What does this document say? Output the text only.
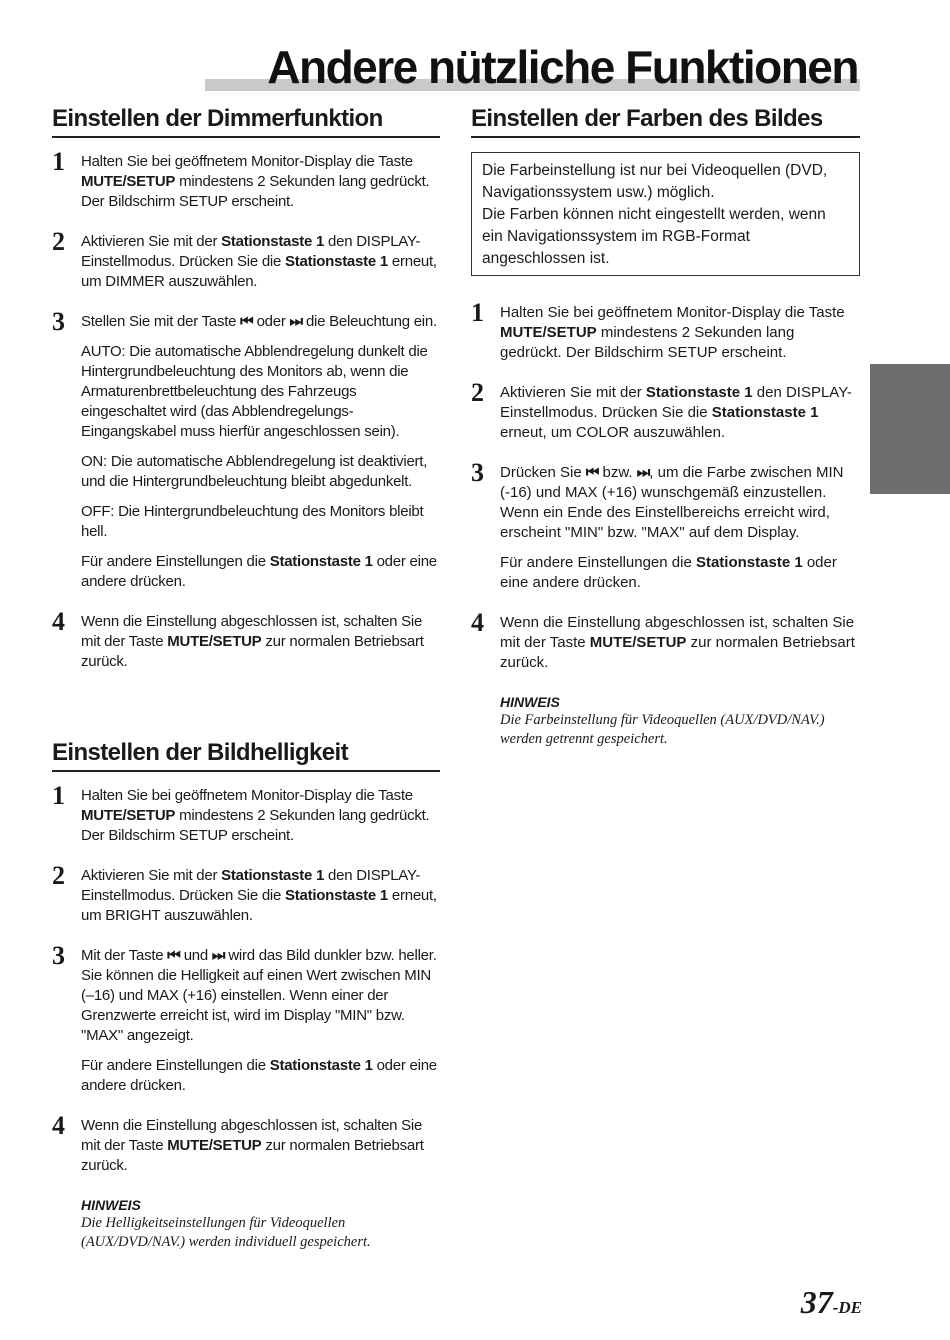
Andere nützliche Funktionen
Einstellen der Dimmerfunktion
1 Halten Sie bei geöffnetem Monitor-Display die Taste MUTE/SETUP mindestens 2 Sekunden lang gedrückt. Der Bildschirm SETUP erscheint.

2 Aktivieren Sie mit der Stationstaste 1 den DISPLAY-Einstellmodus. Drücken Sie die Stationstaste 1 erneut, um DIMMER auszuwählen.

3 Stellen Sie mit der Taste ⏮ oder ⏭ die Beleuchtung ein.

AUTO: Die automatische Abblendregelung dunkelt die Hintergrundbeleuchtung des Monitors ab, wenn die Armaturenbrettbeleuchtung des Fahrzeugs eingeschaltet wird (das Abblendregelungs-Eingangskabel muss hierfür angeschlossen sein).

ON: Die automatische Abblendregelung ist deaktiviert, und die Hintergrundbeleuchtung bleibt abgedunkelt.

OFF: Die Hintergrundbeleuchtung des Monitors bleibt hell.

Für andere Einstellungen die Stationstaste 1 oder eine andere drücken.

4 Wenn die Einstellung abgeschlossen ist, schalten Sie mit der Taste MUTE/SETUP zur normalen Betriebsart zurück.

Einstellen der Bildhelligkeit
1 Halten Sie bei geöffnetem Monitor-Display die Taste MUTE/SETUP mindestens 2 Sekunden lang gedrückt. Der Bildschirm SETUP erscheint.

2 Aktivieren Sie mit der Stationstaste 1 den DISPLAY-Einstellmodus. Drücken Sie die Stationstaste 1 erneut, um BRIGHT auszuwählen.

3 Mit der Taste ⏮ und ⏭ wird das Bild dunkler bzw. heller. Sie können die Helligkeit auf einen Wert zwischen MIN (–16) und MAX (+16) einstellen. Wenn einer der Grenzwerte erreicht ist, wird im Display "MIN" bzw. "MAX" angezeigt.

Für andere Einstellungen die Stationstaste 1 oder eine andere drücken.

4 Wenn die Einstellung abgeschlossen ist, schalten Sie mit der Taste MUTE/SETUP zur normalen Betriebsart zurück.

HINWEIS
Die Helligkeitseinstellungen für Videoquellen (AUX/DVD/NAV.) werden individuell gespeichert.
Einstellen der Farben des Bildes
Die Farbeinstellung ist nur bei Videoquellen (DVD, Navigationssystem usw.) möglich.
Die Farben können nicht eingestellt werden, wenn ein Navigationssystem im RGB-Format angeschlossen ist.
1 Halten Sie bei geöffnetem Monitor-Display die Taste MUTE/SETUP mindestens 2 Sekunden lang gedrückt. Der Bildschirm SETUP erscheint.

2 Aktivieren Sie mit der Stationstaste 1 den DISPLAY-Einstellmodus. Drücken Sie die Stationstaste 1 erneut, um COLOR auszuwählen.

3 Drücken Sie ⏮ bzw. ⏭, um die Farbe zwischen MIN (-16) und MAX (+16) wunschgemäß einzustellen. Wenn ein Ende des Einstellbereichs erreicht wird, erscheint "MIN" bzw. "MAX" auf dem Display.

Für andere Einstellungen die Stationstaste 1 oder eine andere drücken.

4 Wenn die Einstellung abgeschlossen ist, schalten Sie mit der Taste MUTE/SETUP zur normalen Betriebsart zurück.

HINWEIS
Die Farbeinstellung für Videoquellen (AUX/DVD/NAV.) werden getrennt gespeichert.
37-DE
